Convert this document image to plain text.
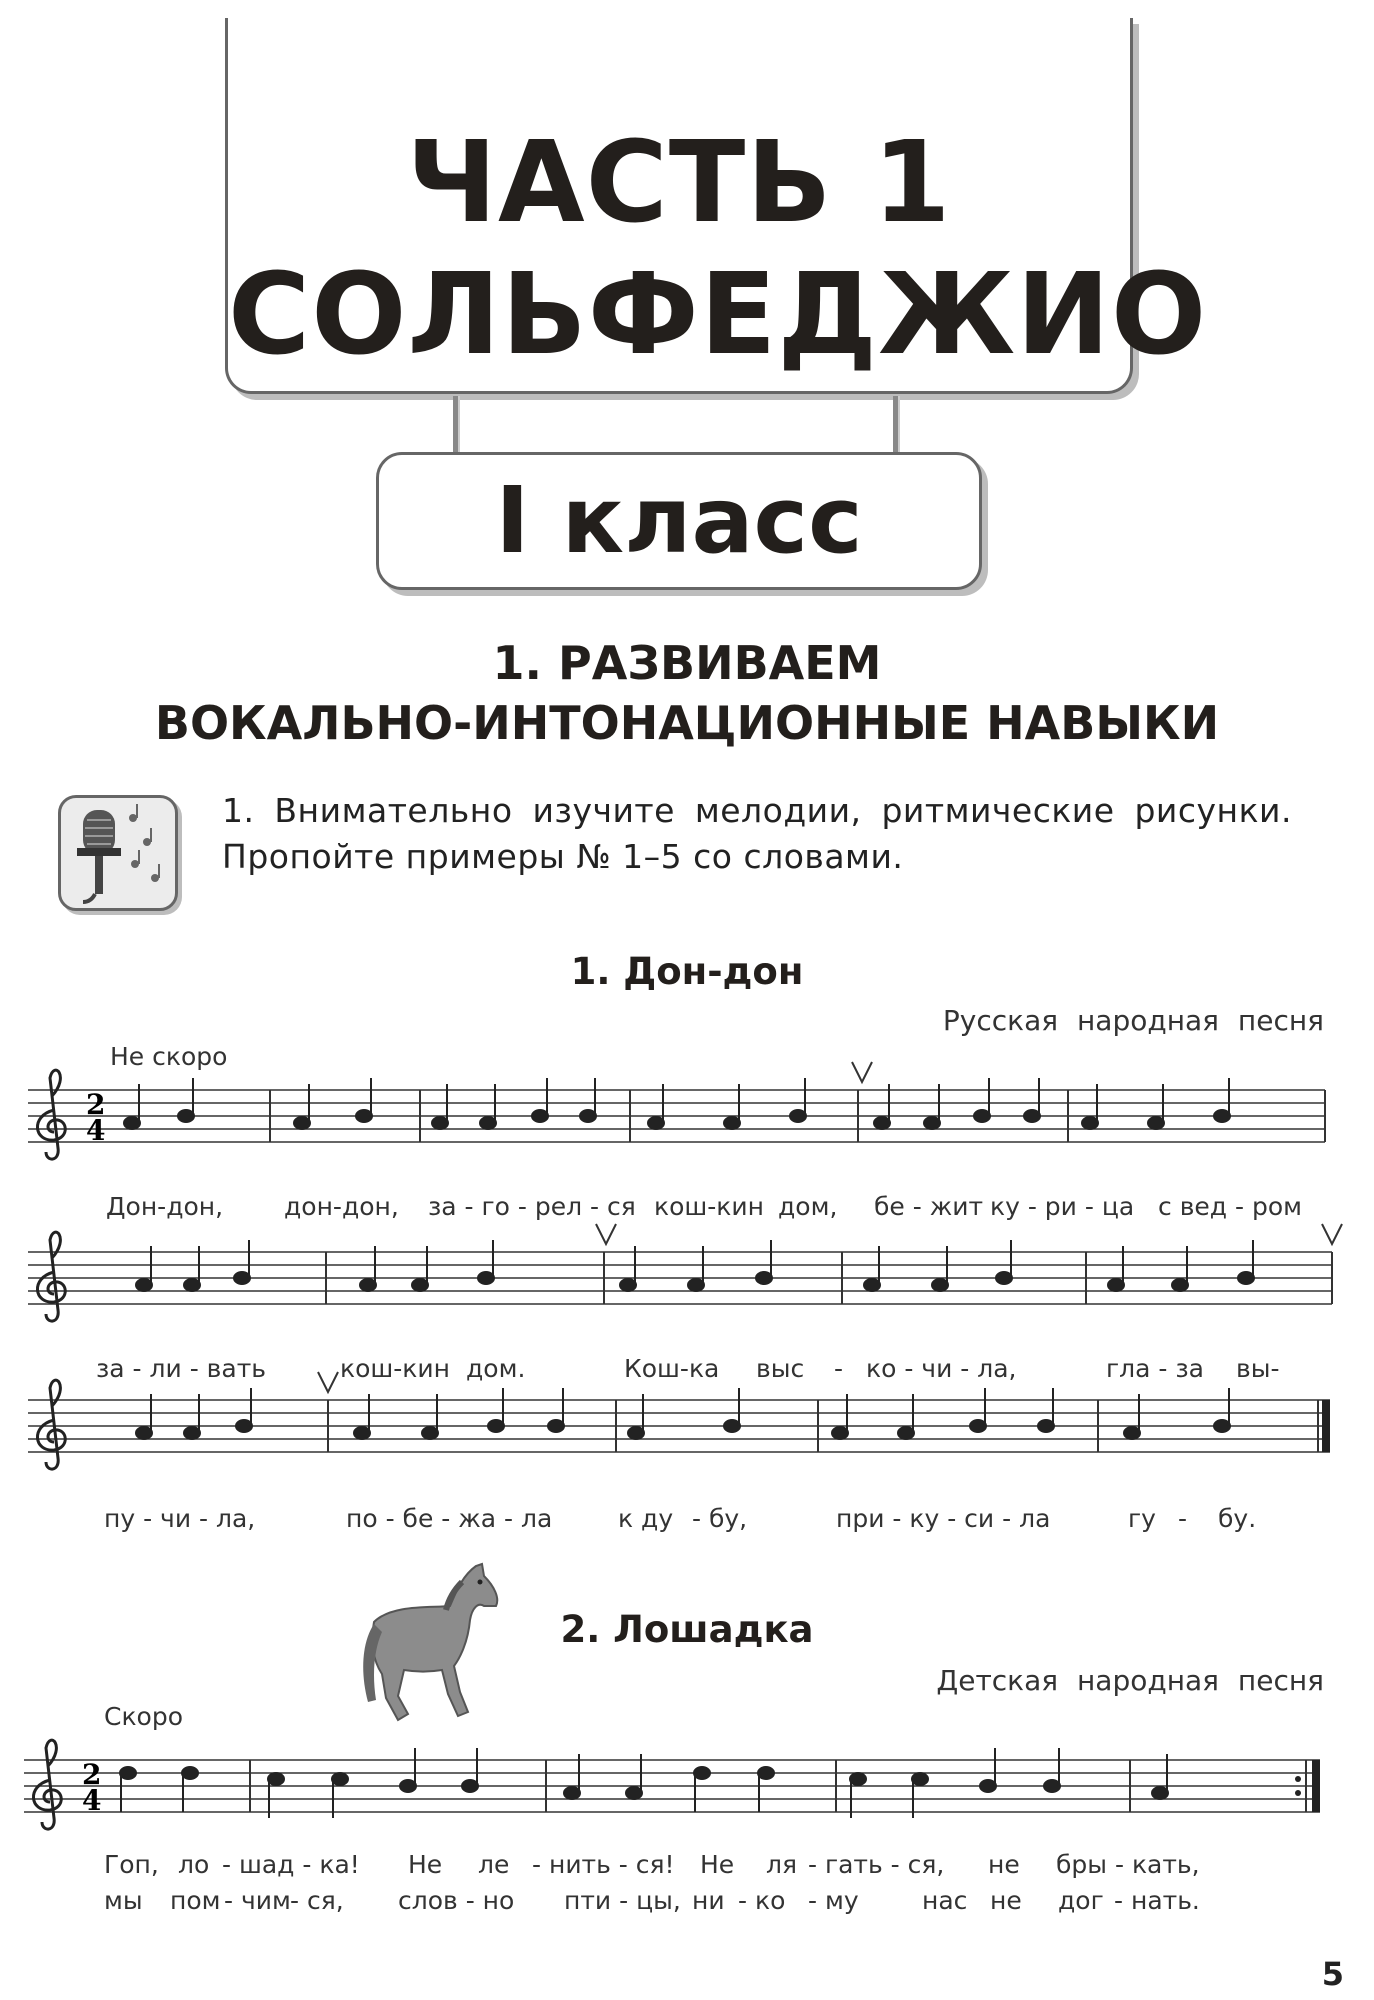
ЧАСТЬ 1
СОЛЬФЕДЖИО
I класс
1. РАЗВИВАЕМ
ВОКАЛЬНО-ИНТОНАЦИОННЫЕ НАВЫКИ
1. Внимательно изучите мелодии, ритмические рисунки. Пропойте примеры № 1–5 со словами.
1. Дон-дон
Русская народная песня
Не скоро
2
4
Дон-дон, дон-дон, за - го - рел - ся кош-кин дом, бе - жит ку - ри - ца с вед - ром
за - ли - вать	кош-кин дом.	Кош-ка выс - ко - чи - ла,	гла - за вы-
пу - чи - ла,	по - бе - жа - ла	к ду - бу,	при - ку - си - ла	гу - бу.
2. Лошадка
Детская народная песня
Скоро
2
4
Гоп, ло - шад - ка! Не ле - нить - ся! Не ля - гать - ся, не бры - кать,
мы пом - чим - ся, слов - но пти - цы, ни - ко - му	нас не дог - нать.
5
